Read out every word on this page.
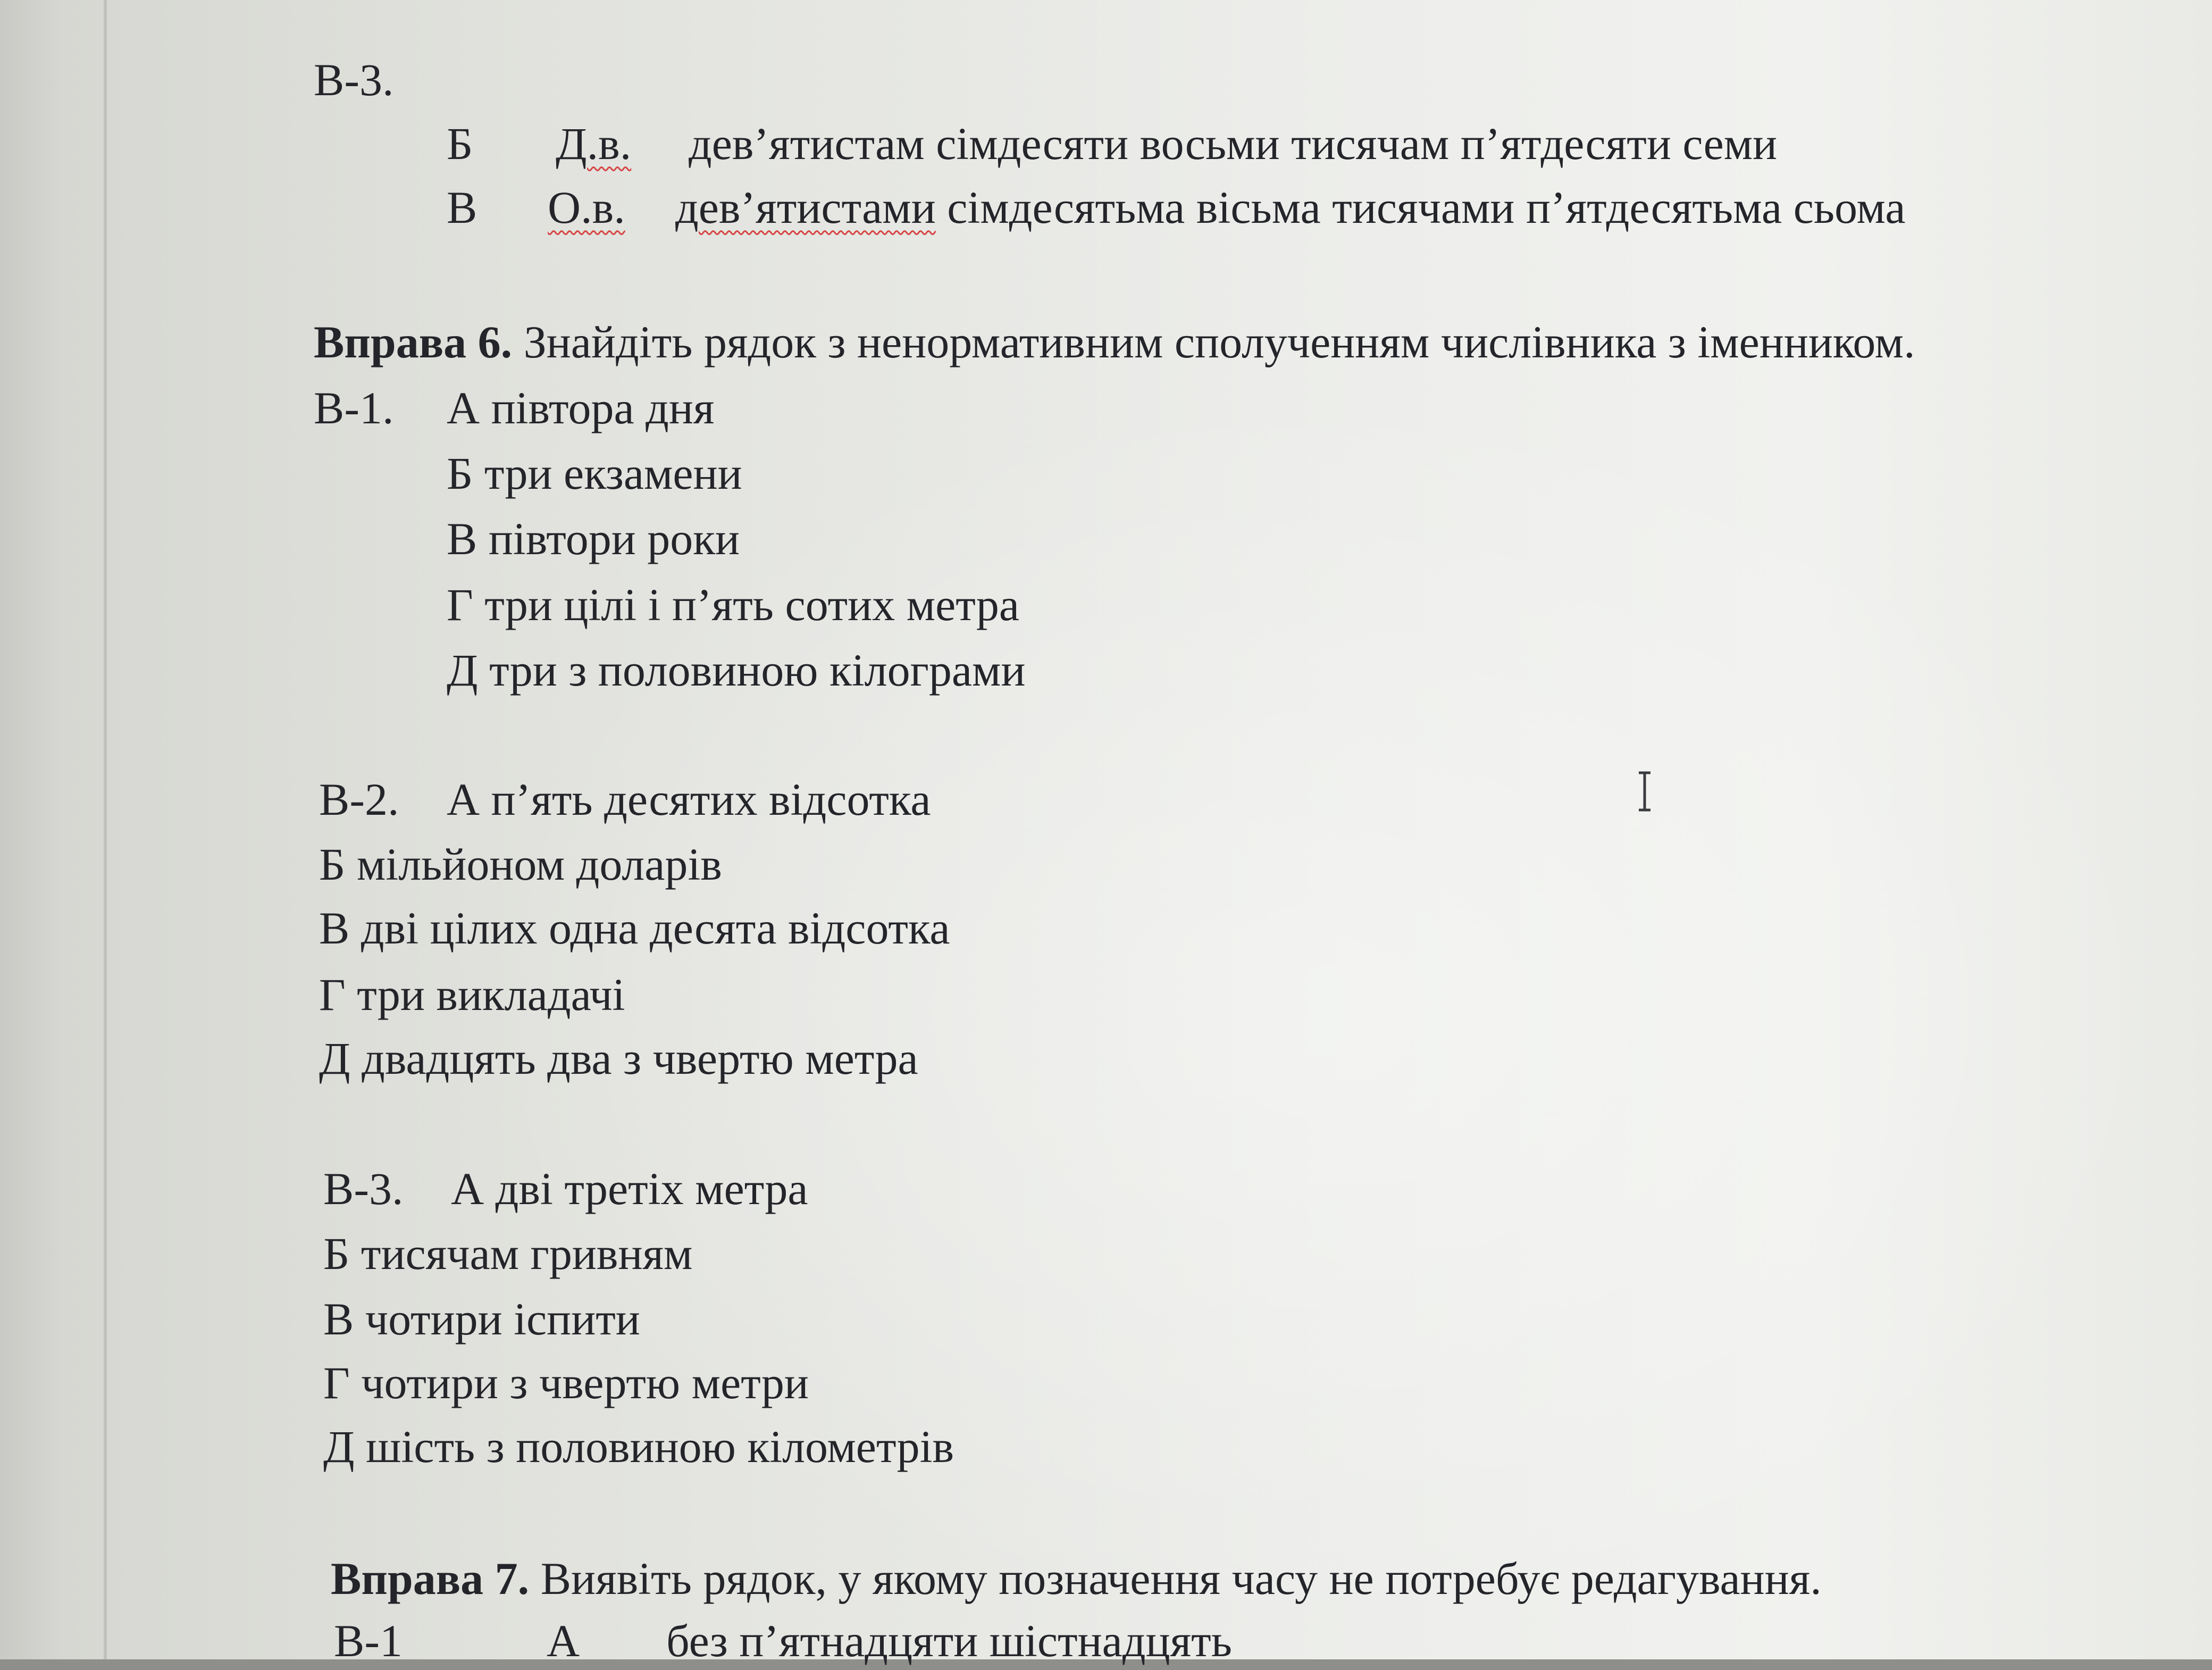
В-3.
Б Д.в. дев’ятистам сімдесяти восьми тисячам п’ятдесяти семи
В О.в. дев’ятистами сімдесятьма вісьма тисячами п’ятдесятьма сьома
Вправа 6. Знайдіть рядок з ненормативним сполученням числівника з іменником.
В-1. А півтора дня
Б три екзамени
В півтори роки
Г три цілі і п’ять сотих метра
Д три з половиною кілограми
В-2. А п’ять десятих відсотка
Б мільйоном доларів
В дві цілих одна десята відсотка
Г три викладачі
Д двадцять два з чвертю метра
В-3. А дві третіх метра
Б тисячам гривням
В чотири іспити
Г чотири з чвертю метри
Д шість з половиною кілометрів
Вправа 7. Виявіть рядок, у якому позначення часу не потребує редагування.
В-1	А без п’ятнадцяти шістнадцять
